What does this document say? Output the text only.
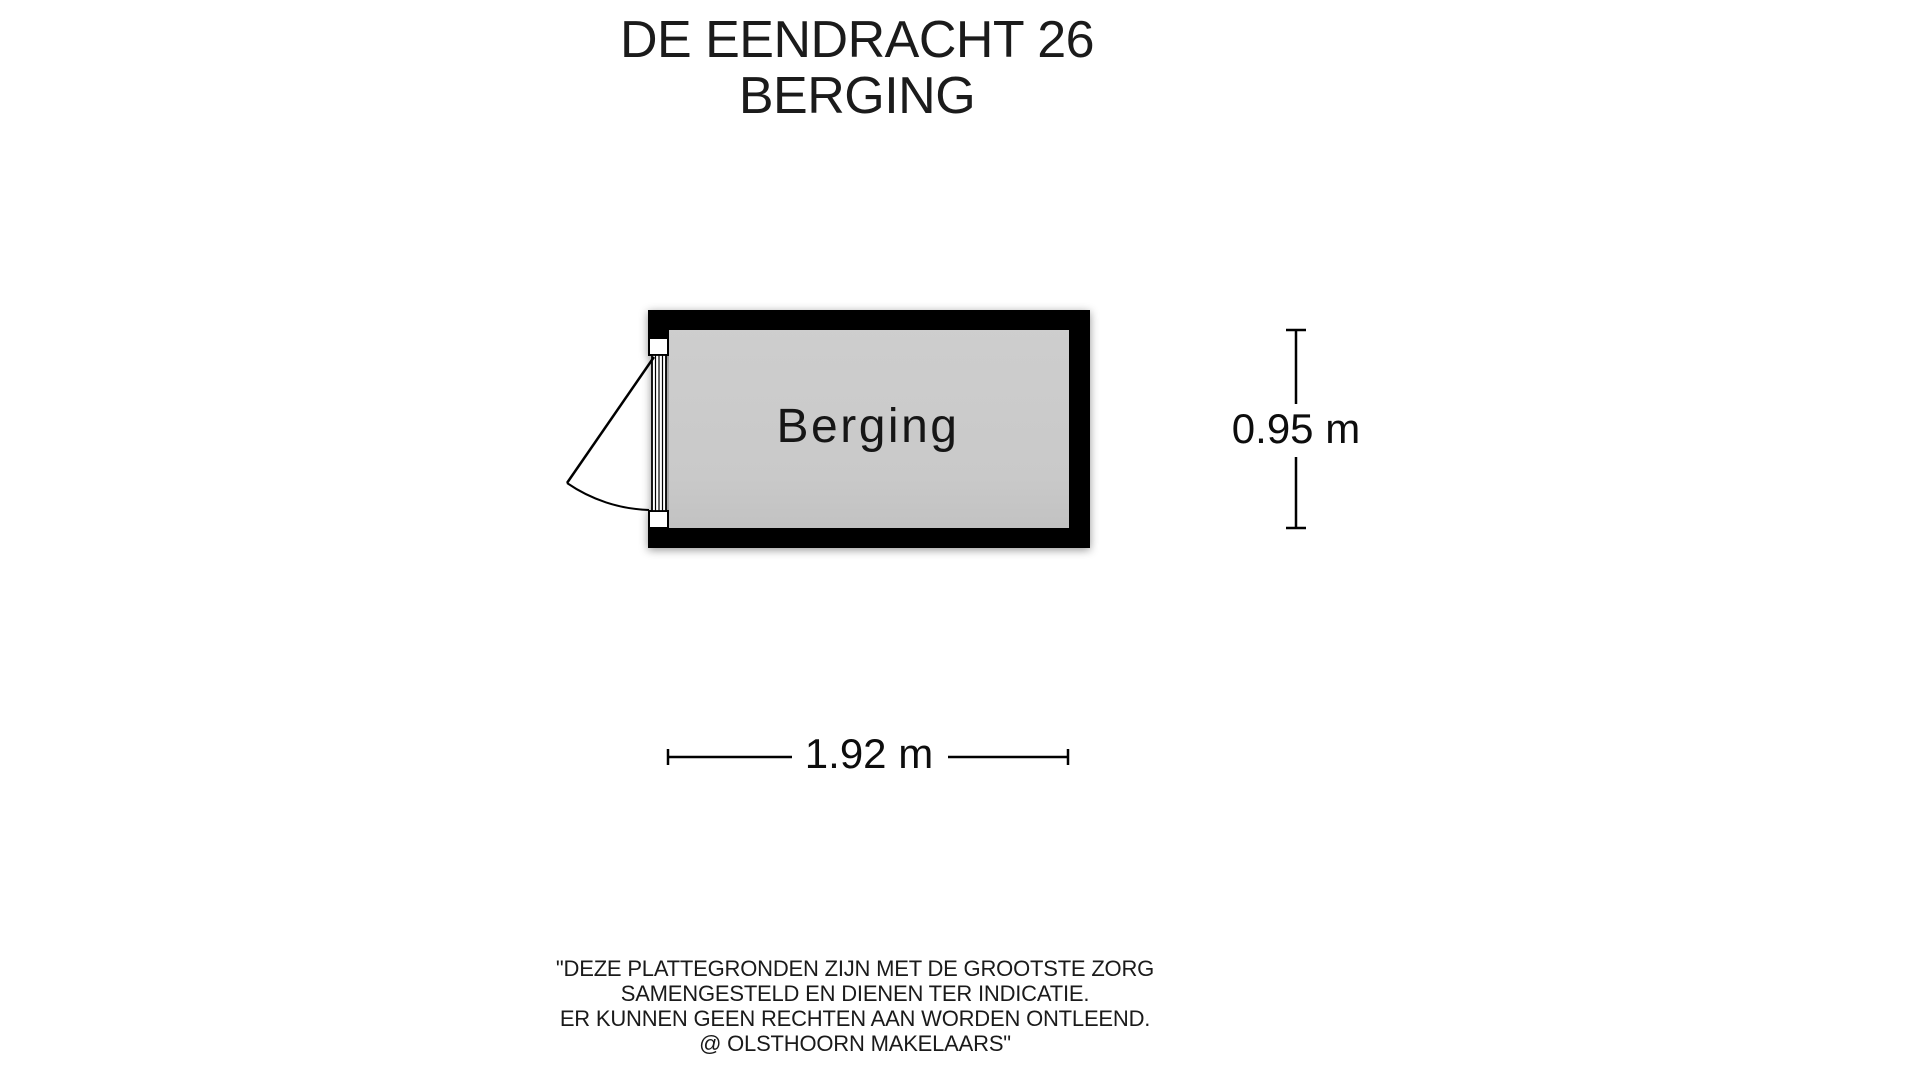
DE EENDRACHT 26
BERGING
Berging
1.92 m
0.95 m
"DEZE PLATTEGRONDEN ZIJN MET DE GROOTSTE ZORG
SAMENGESTELD EN DIENEN TER INDICATIE.
ER KUNNEN GEEN RECHTEN AAN WORDEN ONTLEEND.
@ OLSTHOORN MAKELAARS"
